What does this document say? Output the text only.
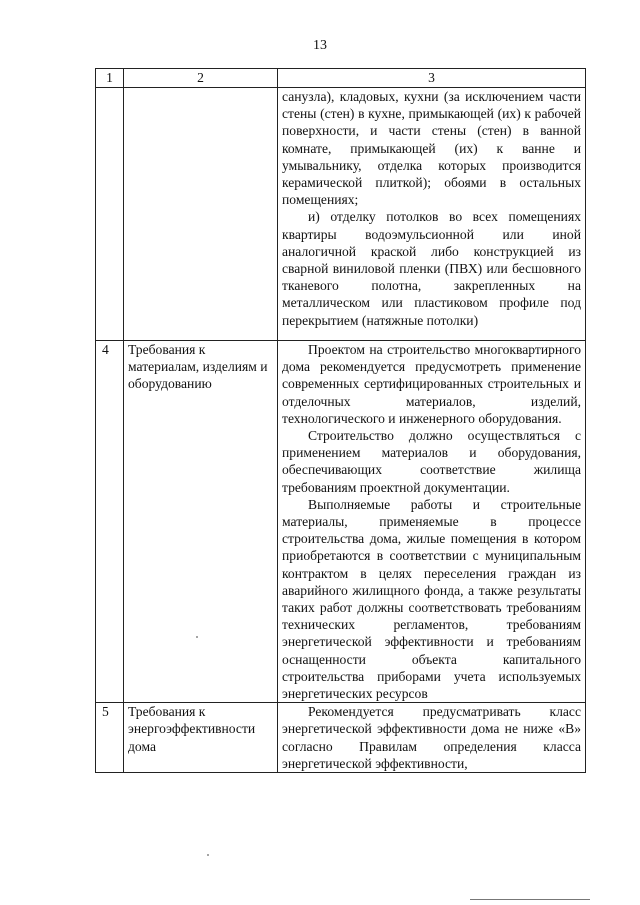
13
1	2	3

		санузла), кладовых, кухни (за исключением части стены (стен) в кухне, примыкающей (их) к рабочей поверхности, и части стены (стен) в ванной комнате, примыкающей (их) к ванне и умывальнику, отделка которых производится керамической плиткой); обоями в остальных помещениях;

и) отделку потолков во всех помещениях квартиры водоэмульсионной или иной аналогичной краской либо конструкцией из сварной виниловой пленки (ПВХ) или бесшовного тканевого полотна, закрепленных на металлическом или пластиковом профиле под перекрытием (натяжные потолки)

4	Требования к материалам, изделиям и оборудованию	Проектом на строительство многоквартирного дома рекомендуется предусмотреть применение современных сертифицированных строительных и отделочных материалов, изделий, технологического и инженерного оборудования.

Строительство должно осуществляться с применением материалов и оборудования, обеспечивающих соответствие жилища требованиям проектной документации.

Выполняемые работы и строительные материалы, применяемые в процессе строительства дома, жилые помещения в котором приобретаются в соответствии с муниципальным контрактом в целях переселения граждан из аварийного жилищного фонда, а также результаты таких работ должны соответствовать требованиям технических регламентов, требованиям энергетической эффективности и требованиям оснащенности объекта капитального строительства приборами учета используемых энергетических ресурсов

5	Требования к энергоэффективности дома	Рекомендуется предусматривать класс энергетической эффективности дома не ниже «В» согласно Правилам определения класса энергетической эффективности,
